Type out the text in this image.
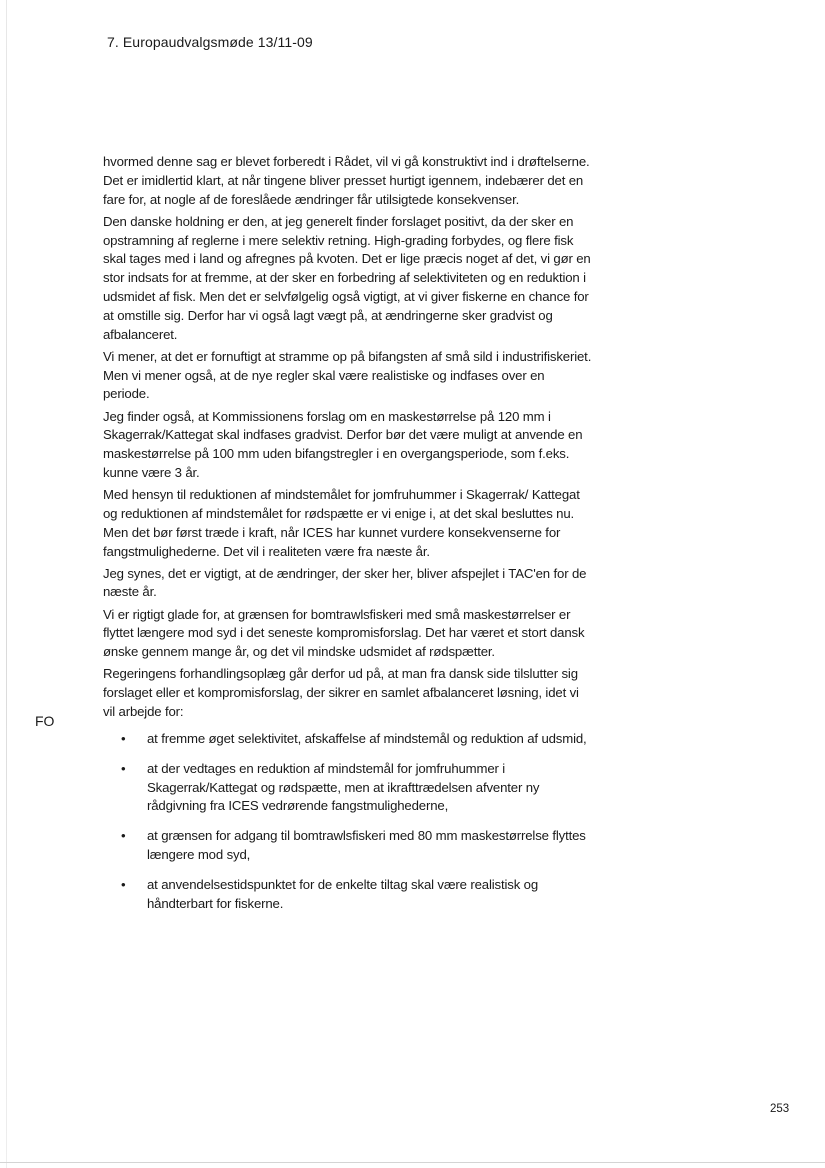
7. Europaudvalgsmøde 13/11-09
FO

hvormed denne sag er blevet forberedt i Rådet, vil vi gå konstruktivt ind i drøftelserne. Det er imidlertid klart, at når tingene bliver presset hurtigt igennem, indebærer det en fare for, at nogle af de foreslåede ændringer får utilsigtede konsekvenser.

Den danske holdning er den, at jeg generelt finder forslaget positivt, da der sker en opstramning af reglerne i mere selektiv retning. High-grading forbydes, og flere fisk skal tages med i land og afregnes på kvoten. Det er lige præcis noget af det, vi gør en stor indsats for at fremme, at der sker en forbedring af selektiviteten og en reduktion i udsmidet af fisk. Men det er selvfølgelig også vigtigt, at vi giver fiskerne en chance for at omstille sig. Derfor har vi også lagt vægt på, at ændringerne sker gradvist og afbalanceret.

Vi mener, at det er fornuftigt at stramme op på bifangsten af små sild i industrifiskeriet. Men vi mener også, at de nye regler skal være realistiske og indfases over en periode.

Jeg finder også, at Kommissionens forslag om en maskestørrelse på 120 mm i Skagerrak/Kattegat skal indfases gradvist. Derfor bør det være muligt at anvende en maskestørrelse på 100 mm uden bifangstregler i en overgangsperiode, som f.eks. kunne være 3 år.

Med hensyn til reduktionen af mindstemålet for jomfruhummer i Skagerrak/ Kattegat og reduktionen af mindstemålet for rødspætte er vi enige i, at det skal besluttes nu. Men det bør først træde i kraft, når ICES har kunnet vurdere konsekvenserne for fangstmulighederne. Det vil i realiteten være fra næste år.

Jeg synes, det er vigtigt, at de ændringer, der sker her, bliver afspejlet i TAC'en for de næste år.

Vi er rigtigt glade for, at grænsen for bomtrawlsfiskeri med små maskestørrelser er flyttet længere mod syd i det seneste kompromisforslag. Det har været et stort dansk ønske gennem mange år, og det vil mindske udsmidet af rødspætter.

Regeringens forhandlingsoplæg går derfor ud på, at man fra dansk side tilslutter sig forslaget eller et kompromisforslag, der sikrer en samlet afbalanceret løsning, idet vi vil arbejde for:

• at fremme øget selektivitet, afskaffelse af mindstemål og reduktion af udsmid,
• at der vedtages en reduktion af mindstemål for jomfruhummer i Skagerrak/Kattegat og rødspætte, men at ikrafttrædelsen afventer ny rådgivning fra ICES vedrørende fangstmulighederne,
• at grænsen for adgang til bomtrawlsfiskeri med 80 mm maskestørrelse flyttes længere mod syd,
• at anvendelsestidspunktet for de enkelte tiltag skal være realistisk og håndterbart for fiskerne.
253
